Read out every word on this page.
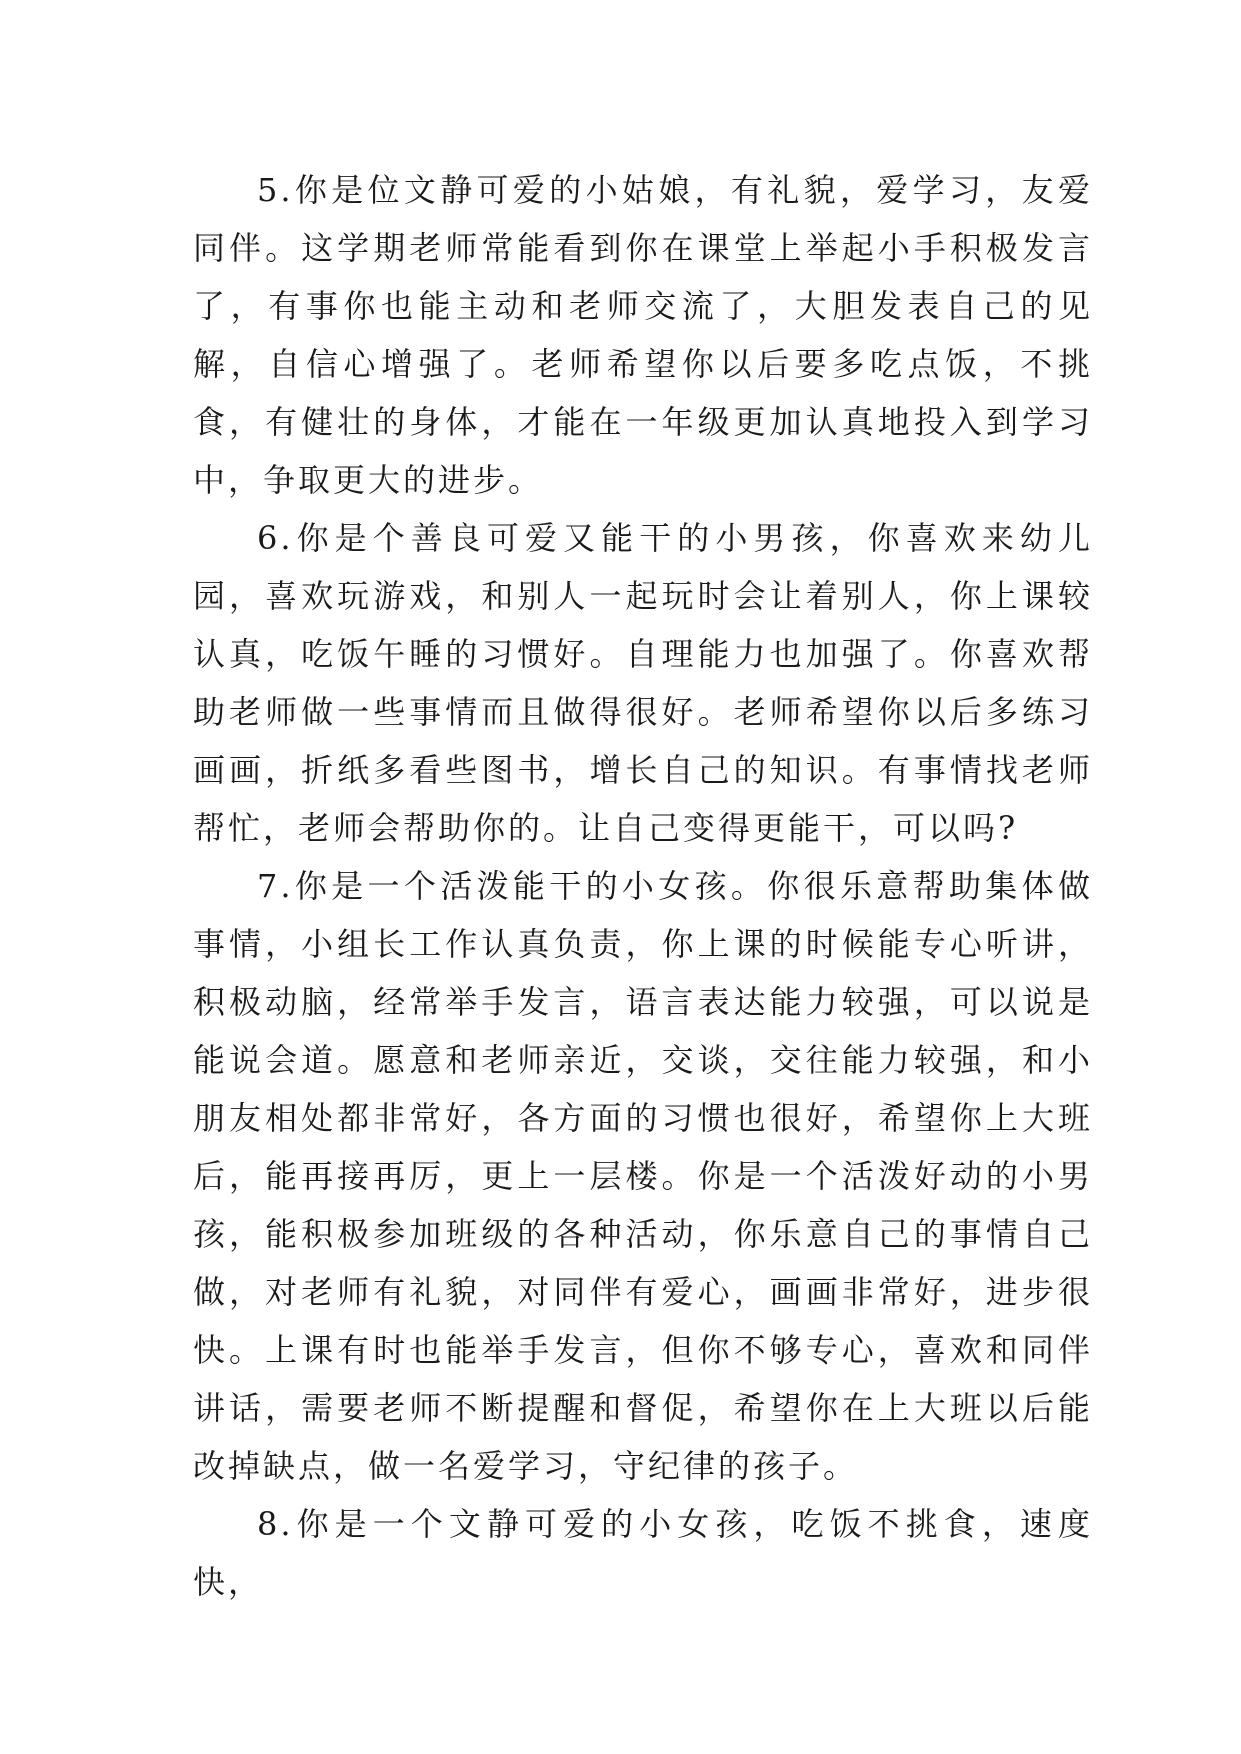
5.你是位文静可爱的小姑娘，有礼貌，爱学习，友爱同伴。这学期老师常能看到你在课堂上举起小手积极发言了，有事你也能主动和老师交流了，大胆发表自己的见解，自信心增强了。老师希望你以后要多吃点饭，不挑食，有健壮的身体，才能在一年级更加认真地投入到学习中，争取更大的进步。

6.你是个善良可爱又能干的小男孩，你喜欢来幼儿园，喜欢玩游戏，和别人一起玩时会让着别人，你上课较认真，吃饭午睡的习惯好。自理能力也加强了。你喜欢帮助老师做一些事情而且做得很好。老师希望你以后多练习画画，折纸多看些图书，增长自己的知识。有事情找老师帮忙，老师会帮助你的。让自己变得更能干，可以吗?

7.你是一个活泼能干的小女孩。你很乐意帮助集体做事情，小组长工作认真负责，你上课的时候能专心听讲，积极动脑，经常举手发言，语言表达能力较强，可以说是能说会道。愿意和老师亲近，交谈，交往能力较强，和小朋友相处都非常好，各方面的习惯也很好，希望你上大班后，能再接再厉，更上一层楼。你是一个活泼好动的小男孩，能积极参加班级的各种活动，你乐意自己的事情自己做，对老师有礼貌，对同伴有爱心，画画非常好，进步很快。上课有时也能举手发言，但你不够专心，喜欢和同伴讲话，需要老师不断提醒和督促，希望你在上大班以后能改掉缺点，做一名爱学习，守纪律的孩子。

8.你是一个文静可爱的小女孩，吃饭不挑食，速度快，
